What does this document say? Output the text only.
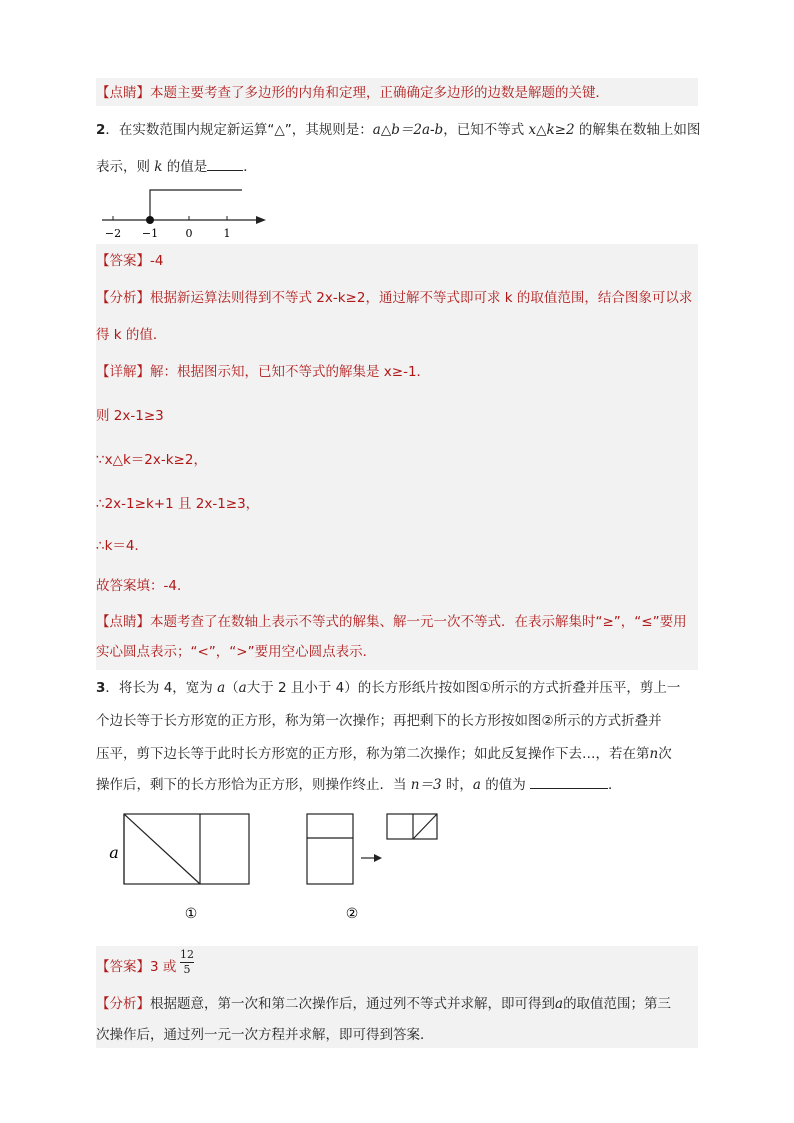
【点睛】本题主要考查了多边形的内角和定理，正确确定多边形的边数是解题的关键．
2．在实数范围内规定新运算“△”，其规则是：a△b＝2a-b，已知不等式 x△k≥2 的解集在数轴上如图
表示，则 k 的值是	．
−2 −1 0	1
【答案】-4
【分析】根据新运算法则得到不等式 2x-k≥2，通过解不等式即可求 k 的取值范围，结合图象可以求
得 k 的值．
【详解】解：根据图示知，已知不等式的解集是 x≥-1．
则 2x-1≥3
∵x△k＝2x-k≥2，
∴2x-1≥k+1 且 2x-1≥3，
∴k＝4．
故答案填：-4．
【点睛】本题考查了在数轴上表示不等式的解集、解一元一次不等式．在表示解集时“≥”，“≤”要用
实心圆点表示；“<”，“>”要用空心圆点表示．
3．将长为 4，宽为 a（a大于 2 且小于 4）的长方形纸片按如图①所示的方式折叠并压平，剪上一
个边长等于长方形宽的正方形，称为第一次操作；再把剩下的长方形按如图②所示的方式折叠并
压平，剪下边长等于此时长方形宽的正方形，称为第二次操作；如此反复操作下去…，若在第n次
操作后，剩下的长方形恰为正方形，则操作终止．当 n＝3 时，a 的值为	．
a
①	②
【答案】3 或 $\frac{12}{5}$
【分析】根据题意，第一次和第二次操作后，通过列不等式并求解，即可得到a的取值范围；第三
次操作后，通过列一元一次方程并求解，即可得到答案．
